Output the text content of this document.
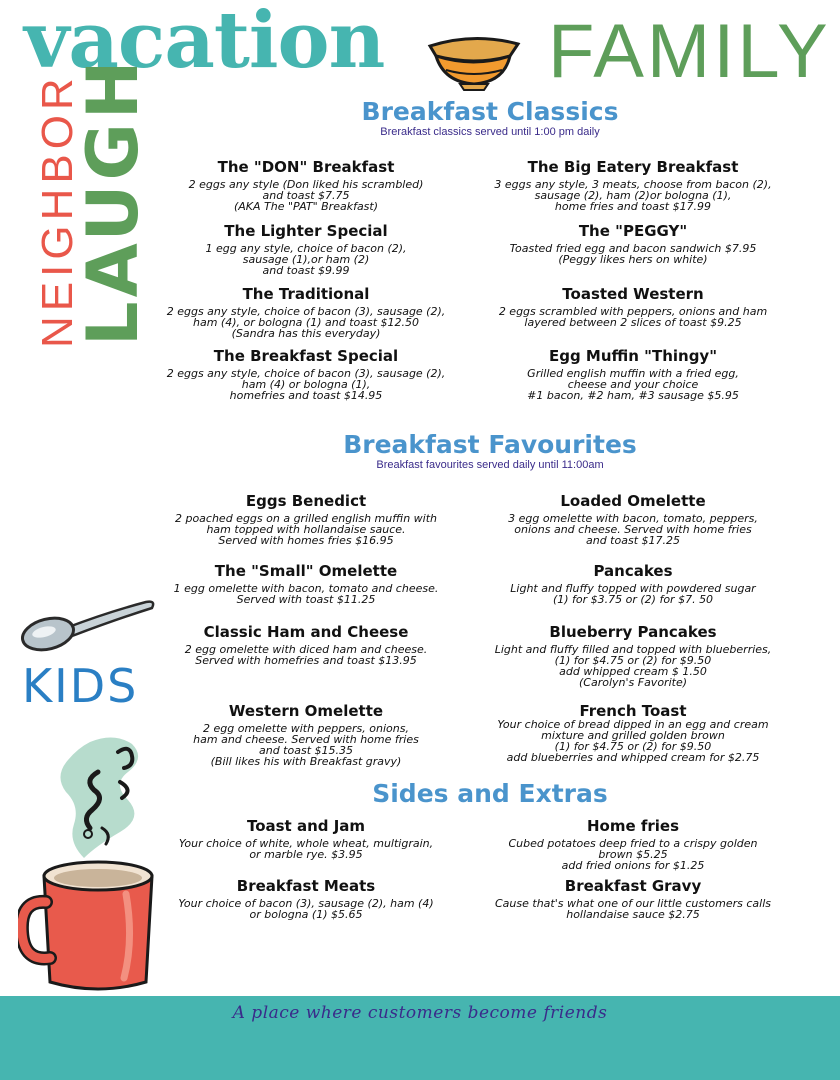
vacation FAMILY
NEIGHBOR
LAUGH
KIDS
Breakfast Classics
Brerakfast classics served until 1:00 pm daily
The "DON" Breakfast
2 eggs any style (Don liked his scrambled)
and toast $7.75
(AKA The "PAT" Breakfast)
The Big Eatery Breakfast
3 eggs any style, 3 meats, choose from bacon (2),
sausage (2), ham (2)or bologna (1),
home fries and toast $17.99
The Lighter Special
1 egg any style, choice of bacon (2),
sausage (1),or ham (2)
and toast $9.99
The "PEGGY"
Toasted fried egg and bacon sandwich $7.95
(Peggy likes hers on white)
The Traditional
2 eggs any style, choice of bacon (3), sausage (2),
ham (4), or bologna (1) and toast $12.50
(Sandra has this everyday)
Toasted Western
2 eggs scrambled with peppers, onions and ham
layered between 2 slices of toast $9.25
The Breakfast Special
2 eggs any style, choice of bacon (3), sausage (2),
ham (4) or bologna (1),
homefries and toast $14.95
Egg Muffin "Thingy"
Grilled english muffin with a fried egg,
cheese and your choice
#1 bacon, #2 ham, #3 sausage $5.95
Breakfast Favourites
Breakfast favourites served daily until 11:00am
Eggs Benedict
2 poached eggs on a grilled english muffin with
ham topped with hollandaise sauce.
Served with homes fries $16.95
Loaded Omelette
3 egg omelette with bacon, tomato, peppers,
onions and cheese. Served with home fries
and toast $17.25
The "Small" Omelette
1 egg omelette with bacon, tomato and cheese.
Served with toast $11.25
Pancakes
Light and fluffy topped with powdered sugar
(1) for $3.75 or (2) for $7. 50
Classic Ham and Cheese
2 egg omelette with diced ham and cheese.
Served with homefries and toast $13.95
Blueberry Pancakes
Light and fluffy filled and topped with blueberries,
(1) for $4.75 or (2) for $9.50
add whipped cream $ 1.50
(Carolyn's Favorite)
Western Omelette
2 egg omelette with peppers, onions,
ham and cheese. Served with home fries
and toast $15.35
(Bill likes his with Breakfast gravy)
French Toast
Your choice of bread dipped in an egg and cream
mixture and grilled golden brown
(1) for $4.75 or (2) for $9.50
add blueberries and whipped cream for $2.75
Sides and Extras
Toast and Jam
Your choice of white, whole wheat, multigrain,
or marble rye. $3.95
Home fries
Cubed potatoes deep fried to a crispy golden
brown $5.25
add fried onions for $1.25
Breakfast Meats
Your choice of bacon (3), sausage (2), ham (4)
or bologna (1) $5.65
Breakfast Gravy
Cause that's what one of our little customers calls
hollandaise sauce $2.75
A place where customers become friends
